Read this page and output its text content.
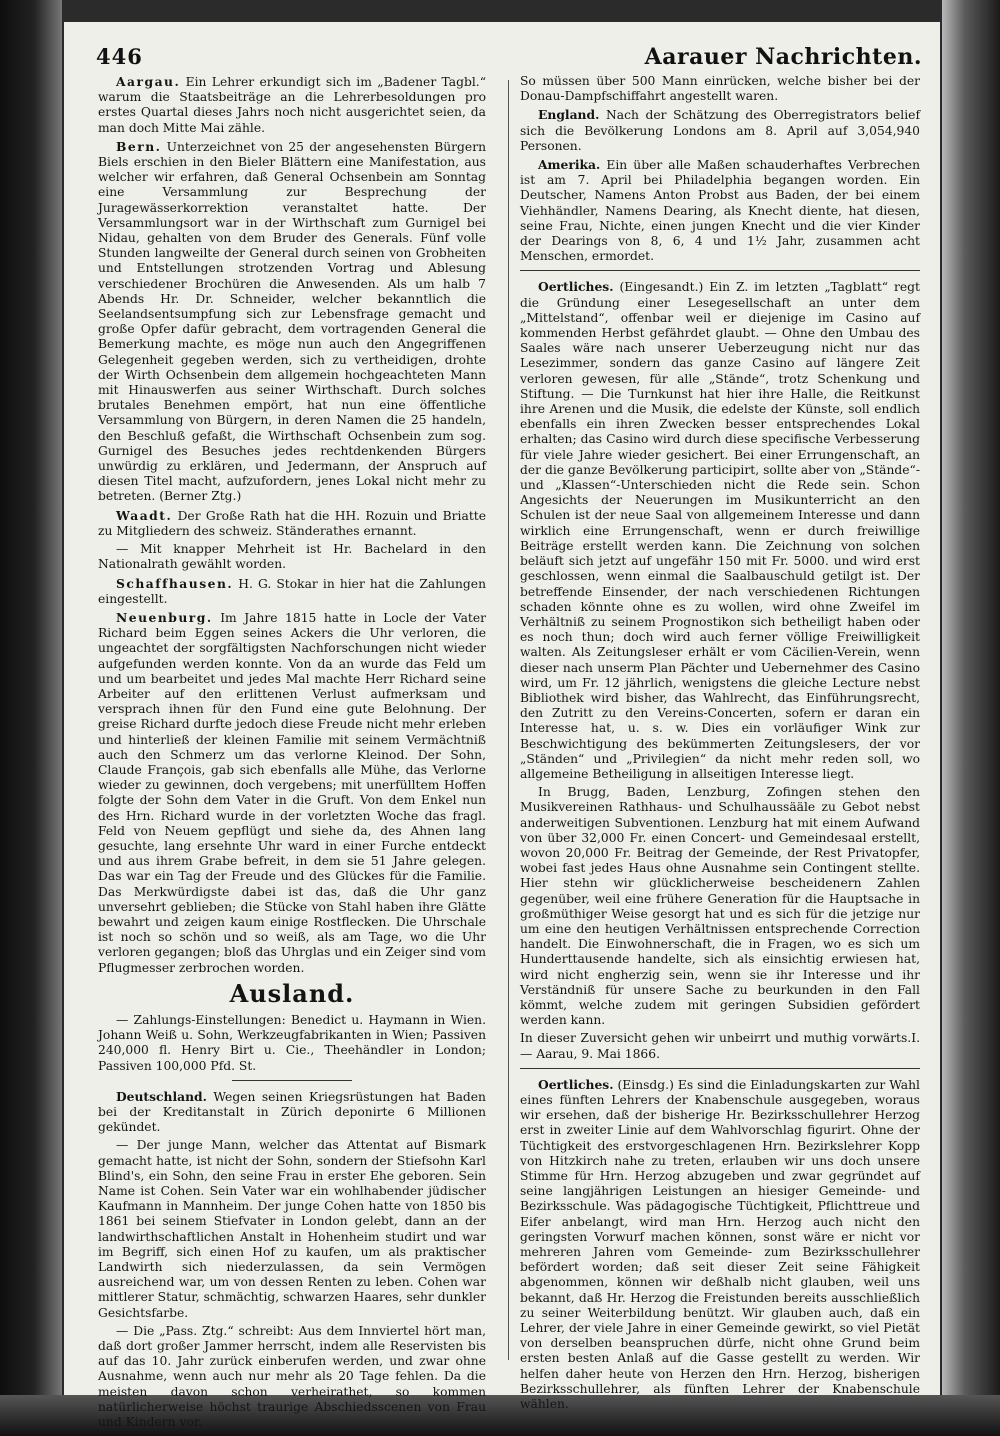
446	Aarauer Nachrichten.

Aargau. Ein Lehrer erkundigt sich im „Badener Tagbl.“ warum die Staatsbeiträge an die Lehrerbesoldungen pro erstes Quartal dieses Jahrs noch nicht ausgerichtet seien, da man doch Mitte Mai zähle.

Bern. Unterzeichnet von 25 der angesehensten Bürgern Biels erschien in den Bieler Blättern eine Manifestation, aus welcher wir erfahren, daß General Ochsenbein am Sonntag eine Versammlung zur Besprechung der Juragewässerkorrektion veranstaltet hatte. Der Versammlungsort war in der Wirthschaft zum Gurnigel bei Nidau, gehalten von dem Bruder des Generals. Fünf volle Stunden langweilte der General durch seinen von Grobheiten und Entstellungen strotzenden Vortrag und Ablesung verschiedener Brochüren die Anwesenden. Als um halb 7 Abends Hr. Dr. Schneider, welcher bekanntlich die Seelandsentsumpfung sich zur Lebensfrage gemacht und große Opfer dafür gebracht, dem vortragenden General die Bemerkung machte, es möge nun auch den Angegriffenen Gelegenheit gegeben werden, sich zu vertheidigen, drohte der Wirth Ochsenbein dem allgemein hochgeachteten Mann mit Hinauswerfen aus seiner Wirthschaft. Durch solches brutales Benehmen empört, hat nun eine öffentliche Versammlung von Bürgern, in deren Namen die 25 handeln, den Beschluß gefaßt, die Wirthschaft Ochsenbein zum sog. Gurnigel des Besuches jedes rechtdenkenden Bürgers unwürdig zu erklären, und Jedermann, der Anspruch auf diesen Titel macht, aufzufordern, jenes Lokal nicht mehr zu betreten. (Berner Ztg.)

Waadt. Der Große Rath hat die HH. Rozuin und Briatte zu Mitgliedern des schweiz. Ständerathes ernannt.

— Mit knapper Mehrheit ist Hr. Bachelard in den Nationalrath gewählt worden.

Schaffhausen. H. G. Stokar in hier hat die Zahlungen eingestellt.

Neuenburg. Im Jahre 1815 hatte in Locle der Vater Richard beim Eggen seines Ackers die Uhr verloren, die ungeachtet der sorgfältigsten Nachforschungen nicht wieder aufgefunden werden konnte. Von da an wurde das Feld um und um bearbeitet und jedes Mal machte Herr Richard seine Arbeiter auf den erlittenen Verlust aufmerksam und versprach ihnen für den Fund eine gute Belohnung. Der greise Richard durfte jedoch diese Freude nicht mehr erleben und hinterließ der kleinen Familie mit seinem Vermächtniß auch den Schmerz um das verlorne Kleinod. Der Sohn, Claude François, gab sich ebenfalls alle Mühe, das Verlorne wieder zu gewinnen, doch vergebens; mit unerfülltem Hoffen folgte der Sohn dem Vater in die Gruft. Von dem Enkel nun des Hrn. Richard wurde in der vorletzten Woche das fragl. Feld von Neuem gepflügt und siehe da, des Ahnen lang gesuchte, lang ersehnte Uhr ward in einer Furche entdeckt und aus ihrem Grabe befreit, in dem sie 51 Jahre gelegen. Das war ein Tag der Freude und des Glückes für die Familie. Das Merkwürdigste dabei ist das, daß die Uhr ganz unversehrt geblieben; die Stücke von Stahl haben ihre Glätte bewahrt und zeigen kaum einige Rostflecken. Die Uhrschale ist noch so schön und so weiß, als am Tage, wo die Uhr verloren gegangen; bloß das Uhrglas und ein Zeiger sind vom Pflugmesser zerbrochen worden.

Ausland.

— Zahlungs-Einstellungen: Benedict u. Haymann in Wien. Johann Weiß u. Sohn, Werkzeugfabrikanten in Wien; Passiven 240,000 fl. Henry Birt u. Cie., Theehändler in London; Passiven 100,000 Pfd. St.

Deutschland. Wegen seinen Kriegsrüstungen hat Baden bei der Kreditanstalt in Zürich deponirte 6 Millionen gekündet.

— Der junge Mann, welcher das Attentat auf Bismark gemacht hatte, ist nicht der Sohn, sondern der Stiefsohn Karl Blind's, ein Sohn, den seine Frau in erster Ehe geboren. Sein Name ist Cohen. Sein Vater war ein wohlhabender jüdischer Kaufmann in Mannheim. Der junge Cohen hatte von 1850 bis 1861 bei seinem Stiefvater in London gelebt, dann an der landwirthschaftlichen Anstalt in Hohenheim studirt und war im Begriff, sich einen Hof zu kaufen, um als praktischer Landwirth sich niederzulassen, da sein Vermögen ausreichend war, um von dessen Renten zu leben. Cohen war mittlerer Statur, schmächtig, schwarzen Haares, sehr dunkler Gesichtsfarbe.

— Die „Pass. Ztg.“ schreibt: Aus dem Innviertel hört man, daß dort großer Jammer herrscht, indem alle Reservisten bis auf das 10. Jahr zurück einberufen werden, und zwar ohne Ausnahme, wenn auch nur mehr als 20 Tage fehlen. Da die meisten davon schon verheirathet, so kommen natürlicherweise höchst traurige Abschiedsscenen von Frau und Kindern vor.

So müssen über 500 Mann einrücken, welche bisher bei der Donau-Dampfschiffahrt angestellt waren.

England. Nach der Schätzung des Oberregistrators belief sich die Bevölkerung Londons am 8. April auf 3,054,940 Personen.

Amerika. Ein über alle Maßen schauderhaftes Verbrechen ist am 7. April bei Philadelphia begangen worden. Ein Deutscher, Namens Anton Probst aus Baden, der bei einem Viehhändler, Namens Dearing, als Knecht diente, hat diesen, seine Frau, Nichte, einen jungen Knecht und die vier Kinder der Dearings von 8, 6, 4 und 1½ Jahr, zusammen acht Menschen, ermordet.

Oertliches. (Eingesandt.) Ein Z. im letzten „Tagblatt“ regt die Gründung einer Lesegesellschaft an unter dem „Mittelstand“, offenbar weil er diejenige im Casino auf kommenden Herbst gefährdet glaubt. — Ohne den Umbau des Saales wäre nach unserer Ueberzeugung nicht nur das Lesezimmer, sondern das ganze Casino auf längere Zeit verloren gewesen, für alle „Stände“, trotz Schenkung und Stiftung. — Die Turnkunst hat hier ihre Halle, die Reitkunst ihre Arenen und die Musik, die edelste der Künste, soll endlich ebenfalls ein ihren Zwecken besser entsprechendes Lokal erhalten; das Casino wird durch diese specifische Verbesserung für viele Jahre wieder gesichert. Bei einer Errungenschaft, an der die ganze Bevölkerung participirt, sollte aber von „Stände“- und „Klassen“-Unterschieden nicht die Rede sein. Schon Angesichts der Neuerungen im Musikunterricht an den Schulen ist der neue Saal von allgemeinem Interesse und dann wirklich eine Errungenschaft, wenn er durch freiwillige Beiträge erstellt werden kann. Die Zeichnung von solchen beläuft sich jetzt auf ungefähr 150 mit Fr. 5000. und wird erst geschlossen, wenn einmal die Saalbauschuld getilgt ist. Der betreffende Einsender, der nach verschiedenen Richtungen schaden könnte ohne es zu wollen, wird ohne Zweifel im Verhältniß zu seinem Prognostikon sich betheiligt haben oder es noch thun; doch wird auch ferner völlige Freiwilligkeit walten. Als Zeitungsleser erhält er vom Cäcilien-Verein, wenn dieser nach unserm Plan Pächter und Uebernehmer des Casino wird, um Fr. 12 jährlich, wenigstens die gleiche Lecture nebst Bibliothek wird bisher, das Wahlrecht, das Einführungsrecht, den Zutritt zu den Vereins-Concerten, sofern er daran ein Interesse hat, u. s. w. Dies ein vorläufiger Wink zur Beschwichtigung des bekümmerten Zeitungslesers, der vor „Ständen“ und „Privilegien“ da nicht mehr reden soll, wo allgemeine Betheiligung in allseitigen Interesse liegt.

In Brugg, Baden, Lenzburg, Zofingen stehen den Musikvereinen Rathhaus- und Schulhaussääle zu Gebot nebst anderweitigen Subventionen. Lenzburg hat mit einem Aufwand von über 32,000 Fr. einen Concert- und Gemeindesaal erstellt, wovon 20,000 Fr. Beitrag der Gemeinde, der Rest Privatopfer, wobei fast jedes Haus ohne Ausnahme sein Contingent stellte. Hier stehn wir glücklicherweise bescheidenern Zahlen gegenüber, weil eine frühere Generation für die Hauptsache in großmüthiger Weise gesorgt hat und es sich für die jetzige nur um eine den heutigen Verhältnissen entsprechende Correction handelt. Die Einwohnerschaft, die in Fragen, wo es sich um Hunderttausende handelte, sich als einsichtig erwiesen hat, wird nicht engherzig sein, wenn sie ihr Interesse und ihr Verständniß für unsere Sache zu beurkunden in den Fall kömmt, welche zudem mit geringen Subsidien gefördert werden kann.

In dieser Zuversicht gehen wir unbeirrt und muthig vorwärts. — Aarau, 9. Mai 1866.
I.

Oertliches. (Einsdg.) Es sind die Einladungskarten zur Wahl eines fünften Lehrers der Knabenschule ausgegeben, woraus wir ersehen, daß der bisherige Hr. Bezirksschullehrer Herzog erst in zweiter Linie auf dem Wahlvorschlag figurirt. Ohne der Tüchtigkeit des erstvorgeschlagenen Hrn. Bezirkslehrer Kopp von Hitzkirch nahe zu treten, erlauben wir uns doch unsere Stimme für Hrn. Herzog abzugeben und zwar gegründet auf seine langjährigen Leistungen an hiesiger Gemeinde- und Bezirksschule. Was pädagogische Tüchtigkeit, Pflichttreue und Eifer anbelangt, wird man Hrn. Herzog auch nicht den geringsten Vorwurf machen können, sonst wäre er nicht vor mehreren Jahren vom Gemeinde- zum Bezirksschullehrer befördert worden; daß seit dieser Zeit seine Fähigkeit abgenommen, können wir deßhalb nicht glauben, weil uns bekannt, daß Hr. Herzog die Freistunden bereits ausschließlich zu seiner Weiterbildung benützt. Wir glauben auch, daß ein Lehrer, der viele Jahre in einer Gemeinde gewirkt, so viel Pietät von derselben beanspruchen dürfe, nicht ohne Grund beim ersten besten Anlaß auf die Gasse gestellt zu werden. Wir helfen daher heute von Herzen den Hrn. Herzog, bisherigen Bezirksschullehrer, als fünften Lehrer der Knabenschule wählen.
